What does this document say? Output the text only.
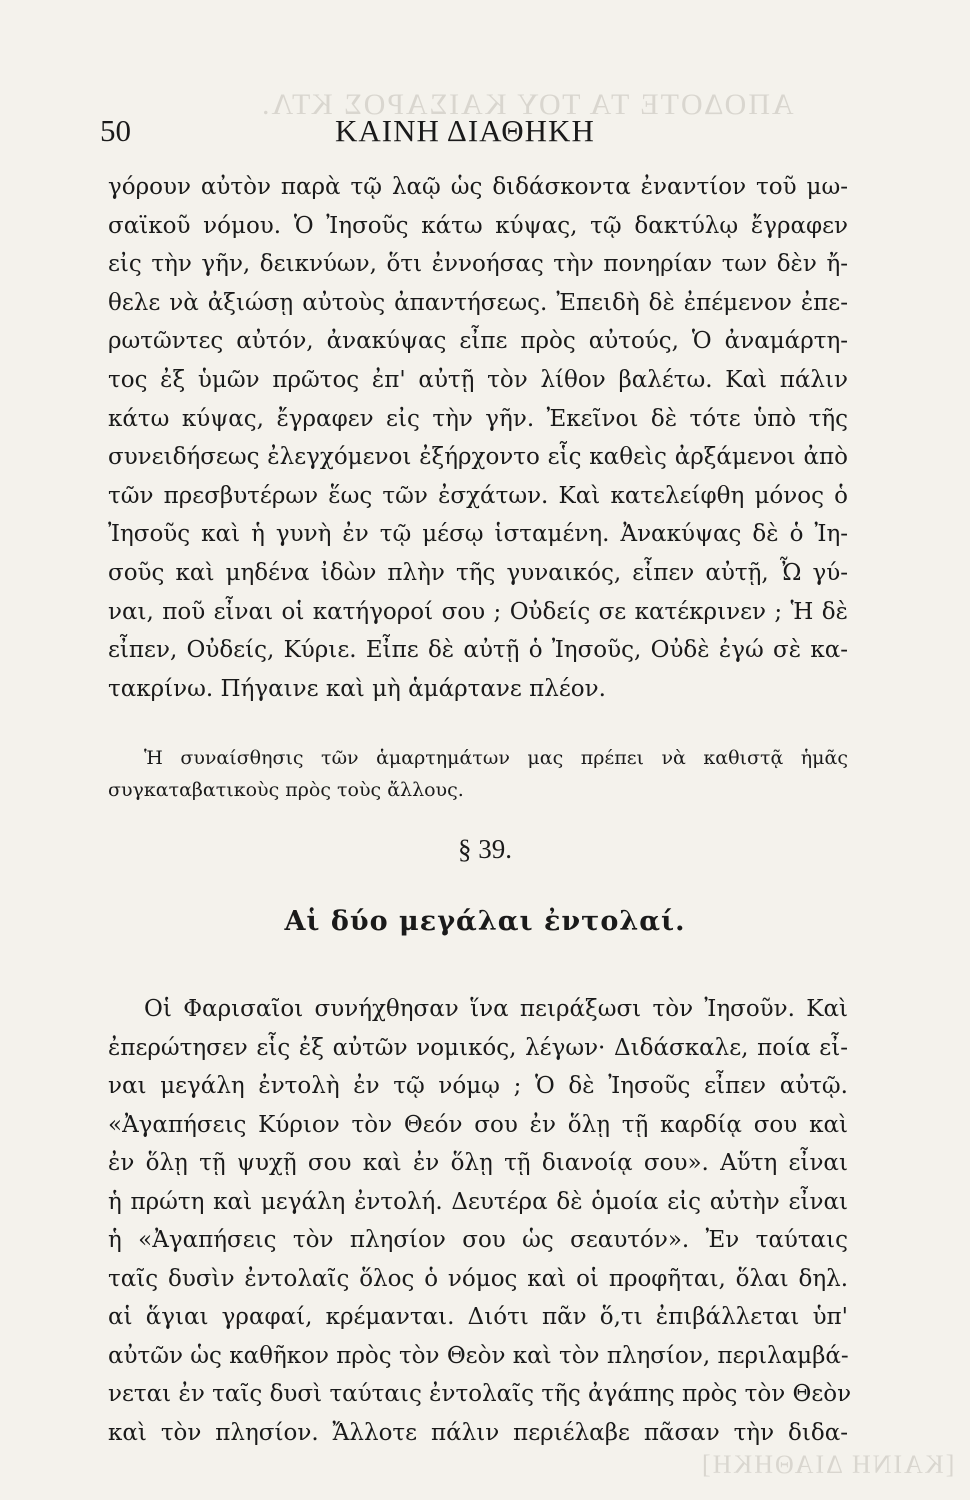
ΑΠΟΔΟΤΕ ΤΑ ΤΟΥ ΚΑΙΣΑΡΟΣ ΚΤΛ.
50	ΚΑΙΝΗ ΔΙΑΘΗΚΗ
γόρουν αὐτὸν παρὰ τῷ λαῷ ὡς διδάσκοντα ἐναντίον τοῦ μω-
σαϊκοῦ νόμου. Ὁ Ἰησοῦς κάτω κύψας, τῷ δακτύλῳ ἔγραφεν
εἰς τὴν γῆν, δεικνύων, ὅτι ἐννοήσας τὴν πονηρίαν των δὲν ἤ-
θελε νὰ ἀξιώσῃ αὐτοὺς ἀπαντήσεως. Ἐπειδὴ δὲ ἐπέμενον ἐπε-
ρωτῶντες αὐτόν, ἀνακύψας εἶπε πρὸς αὐτούς, Ὁ ἀναμάρτη-
τος ἐξ ὑμῶν πρῶτος ἐπ' αὐτῇ τὸν λίθον βαλέτω. Καὶ πάλιν
κάτω κύψας, ἔγραφεν εἰς τὴν γῆν. Ἐκεῖνοι δὲ τότε ὑπὸ τῆς
συνειδήσεως ἐλεγχόμενοι ἐξήρχοντο εἷς καθεὶς ἀρξάμενοι ἀπὸ
τῶν πρεσβυτέρων ἕως τῶν ἐσχάτων. Καὶ κατελείφθη μόνος ὁ
Ἰησοῦς καὶ ἡ γυνὴ ἐν τῷ μέσῳ ἱσταμένη. Ἀνακύψας δὲ ὁ Ἰη-
σοῦς καὶ μηδένα ἰδὼν πλὴν τῆς γυναικός, εἶπεν αὐτῇ, Ὦ γύ-
ναι, ποῦ εἶναι οἱ κατήγοροί σου ; Οὐδείς σε κατέκρινεν ; Ἡ δὲ
εἶπεν, Οὐδείς, Κύριε. Εἶπε δὲ αὐτῇ ὁ Ἰησοῦς, Οὐδὲ ἐγώ σὲ κα-
τακρίνω. Πήγαινε καὶ μὴ ἁμάρτανε πλέον.
Ἡ συναίσθησις τῶν ἁμαρτημάτων μας πρέπει νὰ καθιστᾷ ἡμᾶς
συγκαταβατικοὺς πρὸς τοὺς ἄλλους.
§ 39.
Αἱ δύο μεγάλαι ἐντολαί.
Οἱ Φαρισαῖοι συνήχθησαν ἵνα πειράξωσι τὸν Ἰησοῦν. Καὶ
ἐπερώτησεν εἷς ἐξ αὐτῶν νομικός, λέγων· Διδάσκαλε, ποία εἶ-
ναι μεγάλη ἐντολὴ ἐν τῷ νόμῳ ; Ὁ δὲ Ἰησοῦς εἶπεν αὐτῷ.
«Ἀγαπήσεις Κύριον τὸν Θεόν σου ἐν ὅλῃ τῇ καρδίᾳ σου καὶ
ἐν ὅλῃ τῇ ψυχῇ σου καὶ ἐν ὅλῃ τῇ διανοίᾳ σου». Αὕτη εἶναι
ἡ πρώτη καὶ μεγάλη ἐντολή. Δευτέρα δὲ ὁμοία εἰς αὐτὴν εἶναι
ἡ «Ἀγαπήσεις τὸν πλησίον σου ὡς σεαυτόν». Ἐν ταύταις
ταῖς δυσὶν ἐντολαῖς ὅλος ὁ νόμος καὶ οἱ προφῆται, ὅλαι δηλ.
αἱ ἅγιαι γραφαί, κρέμανται. Διότι πᾶν ὅ,τι ἐπιβάλλεται ὑπ'
αὐτῶν ὡς καθῆκον πρὸς τὸν Θεὸν καὶ τὸν πλησίον, περιλαμβά-
νεται ἐν ταῖς δυσὶ ταύταις ἐντολαῖς τῆς ἀγάπης πρὸς τὸν Θεὸν
καὶ τὸν πλησίον. Ἄλλοτε πάλιν περιέλαβε πᾶσαν τὴν διδα-
[ΚΑΙΝΗ ΔΙΑΘΗΚΗ]
